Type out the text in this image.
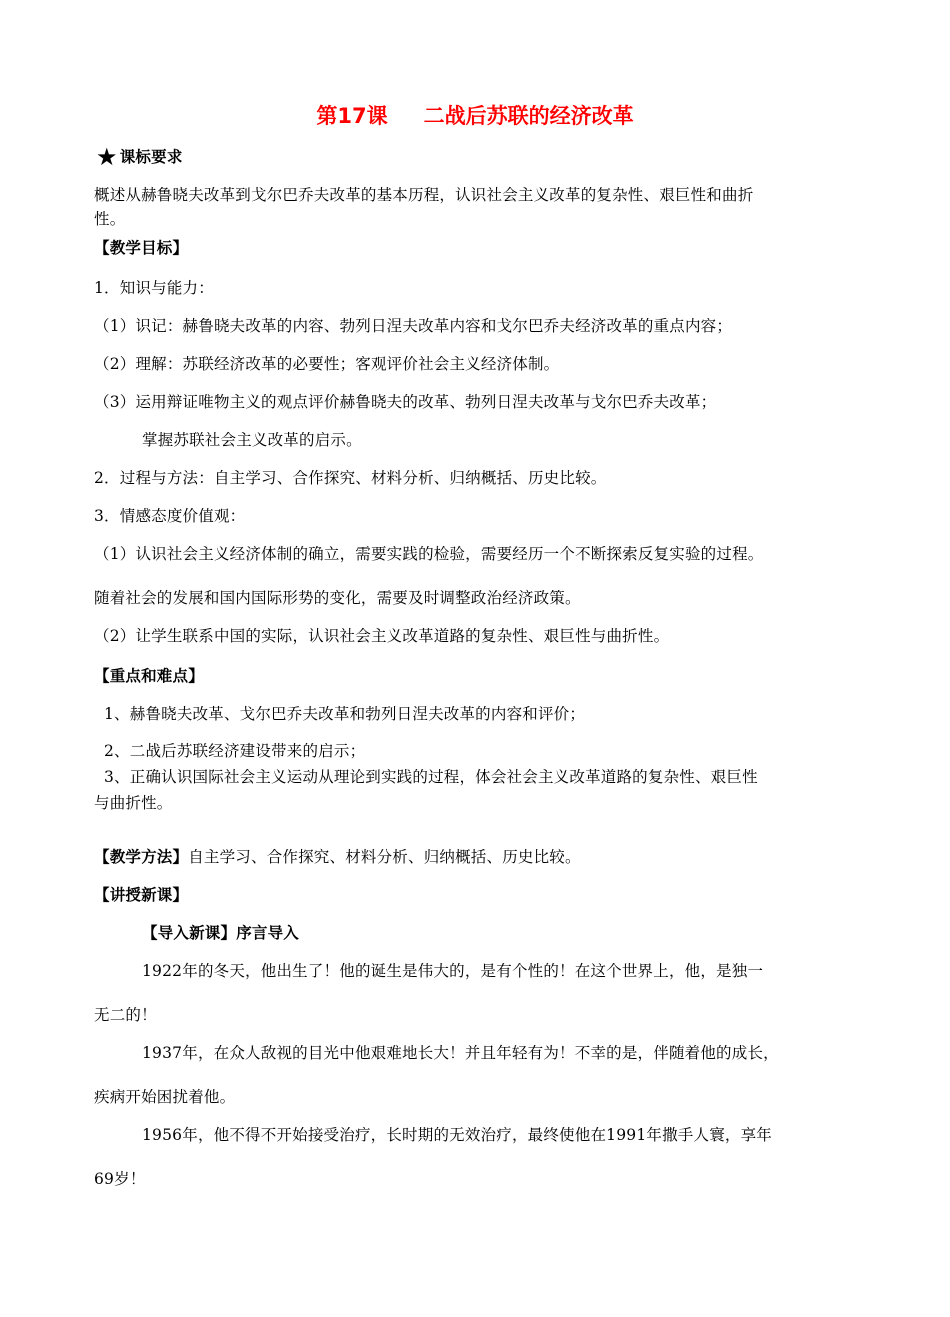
第17课 二战后苏联的经济改革
★ 课标要求
概述从赫鲁晓夫改革到戈尔巴乔夫改革的基本历程，认识社会主义改革的复杂性、艰巨性和曲折
性。
【教学目标】
1．知识与能力：
（1）识记：赫鲁晓夫改革的内容、勃列日涅夫改革内容和戈尔巴乔夫经济改革的重点内容；
（2）理解：苏联经济改革的必要性；客观评价社会主义经济体制。
（3）运用辩证唯物主义的观点评价赫鲁晓夫的改革、勃列日涅夫改革与戈尔巴乔夫改革；
掌握苏联社会主义改革的启示。
2．过程与方法：自主学习、合作探究、材料分析、归纳概括、历史比较。
3．情感态度价值观：
（1）认识社会主义经济体制的确立，需要实践的检验，需要经历一个不断探索反复实验的过程。
随着社会的发展和国内国际形势的变化，需要及时调整政治经济政策。
（2）让学生联系中国的实际，认识社会主义改革道路的复杂性、艰巨性与曲折性。
【重点和难点】
1、赫鲁晓夫改革、戈尔巴乔夫改革和勃列日涅夫改革的内容和评价；
2、二战后苏联经济建设带来的启示；
3、正确认识国际社会主义运动从理论到实践的过程，体会社会主义改革道路的复杂性、艰巨性
与曲折性。
【教学方法】自主学习、合作探究、材料分析、归纳概括、历史比较。
【讲授新课】
【导入新课】序言导入
1922年的冬天，他出生了！他的诞生是伟大的，是有个性的！在这个世界上，他，是独一
无二的！
1937年，在众人敌视的目光中他艰难地长大！并且年轻有为！不幸的是，伴随着他的成长，
疾病开始困扰着他。
1956年，他不得不开始接受治疗，长时期的无效治疗，最终使他在1991年撒手人寰，享年
69岁！
